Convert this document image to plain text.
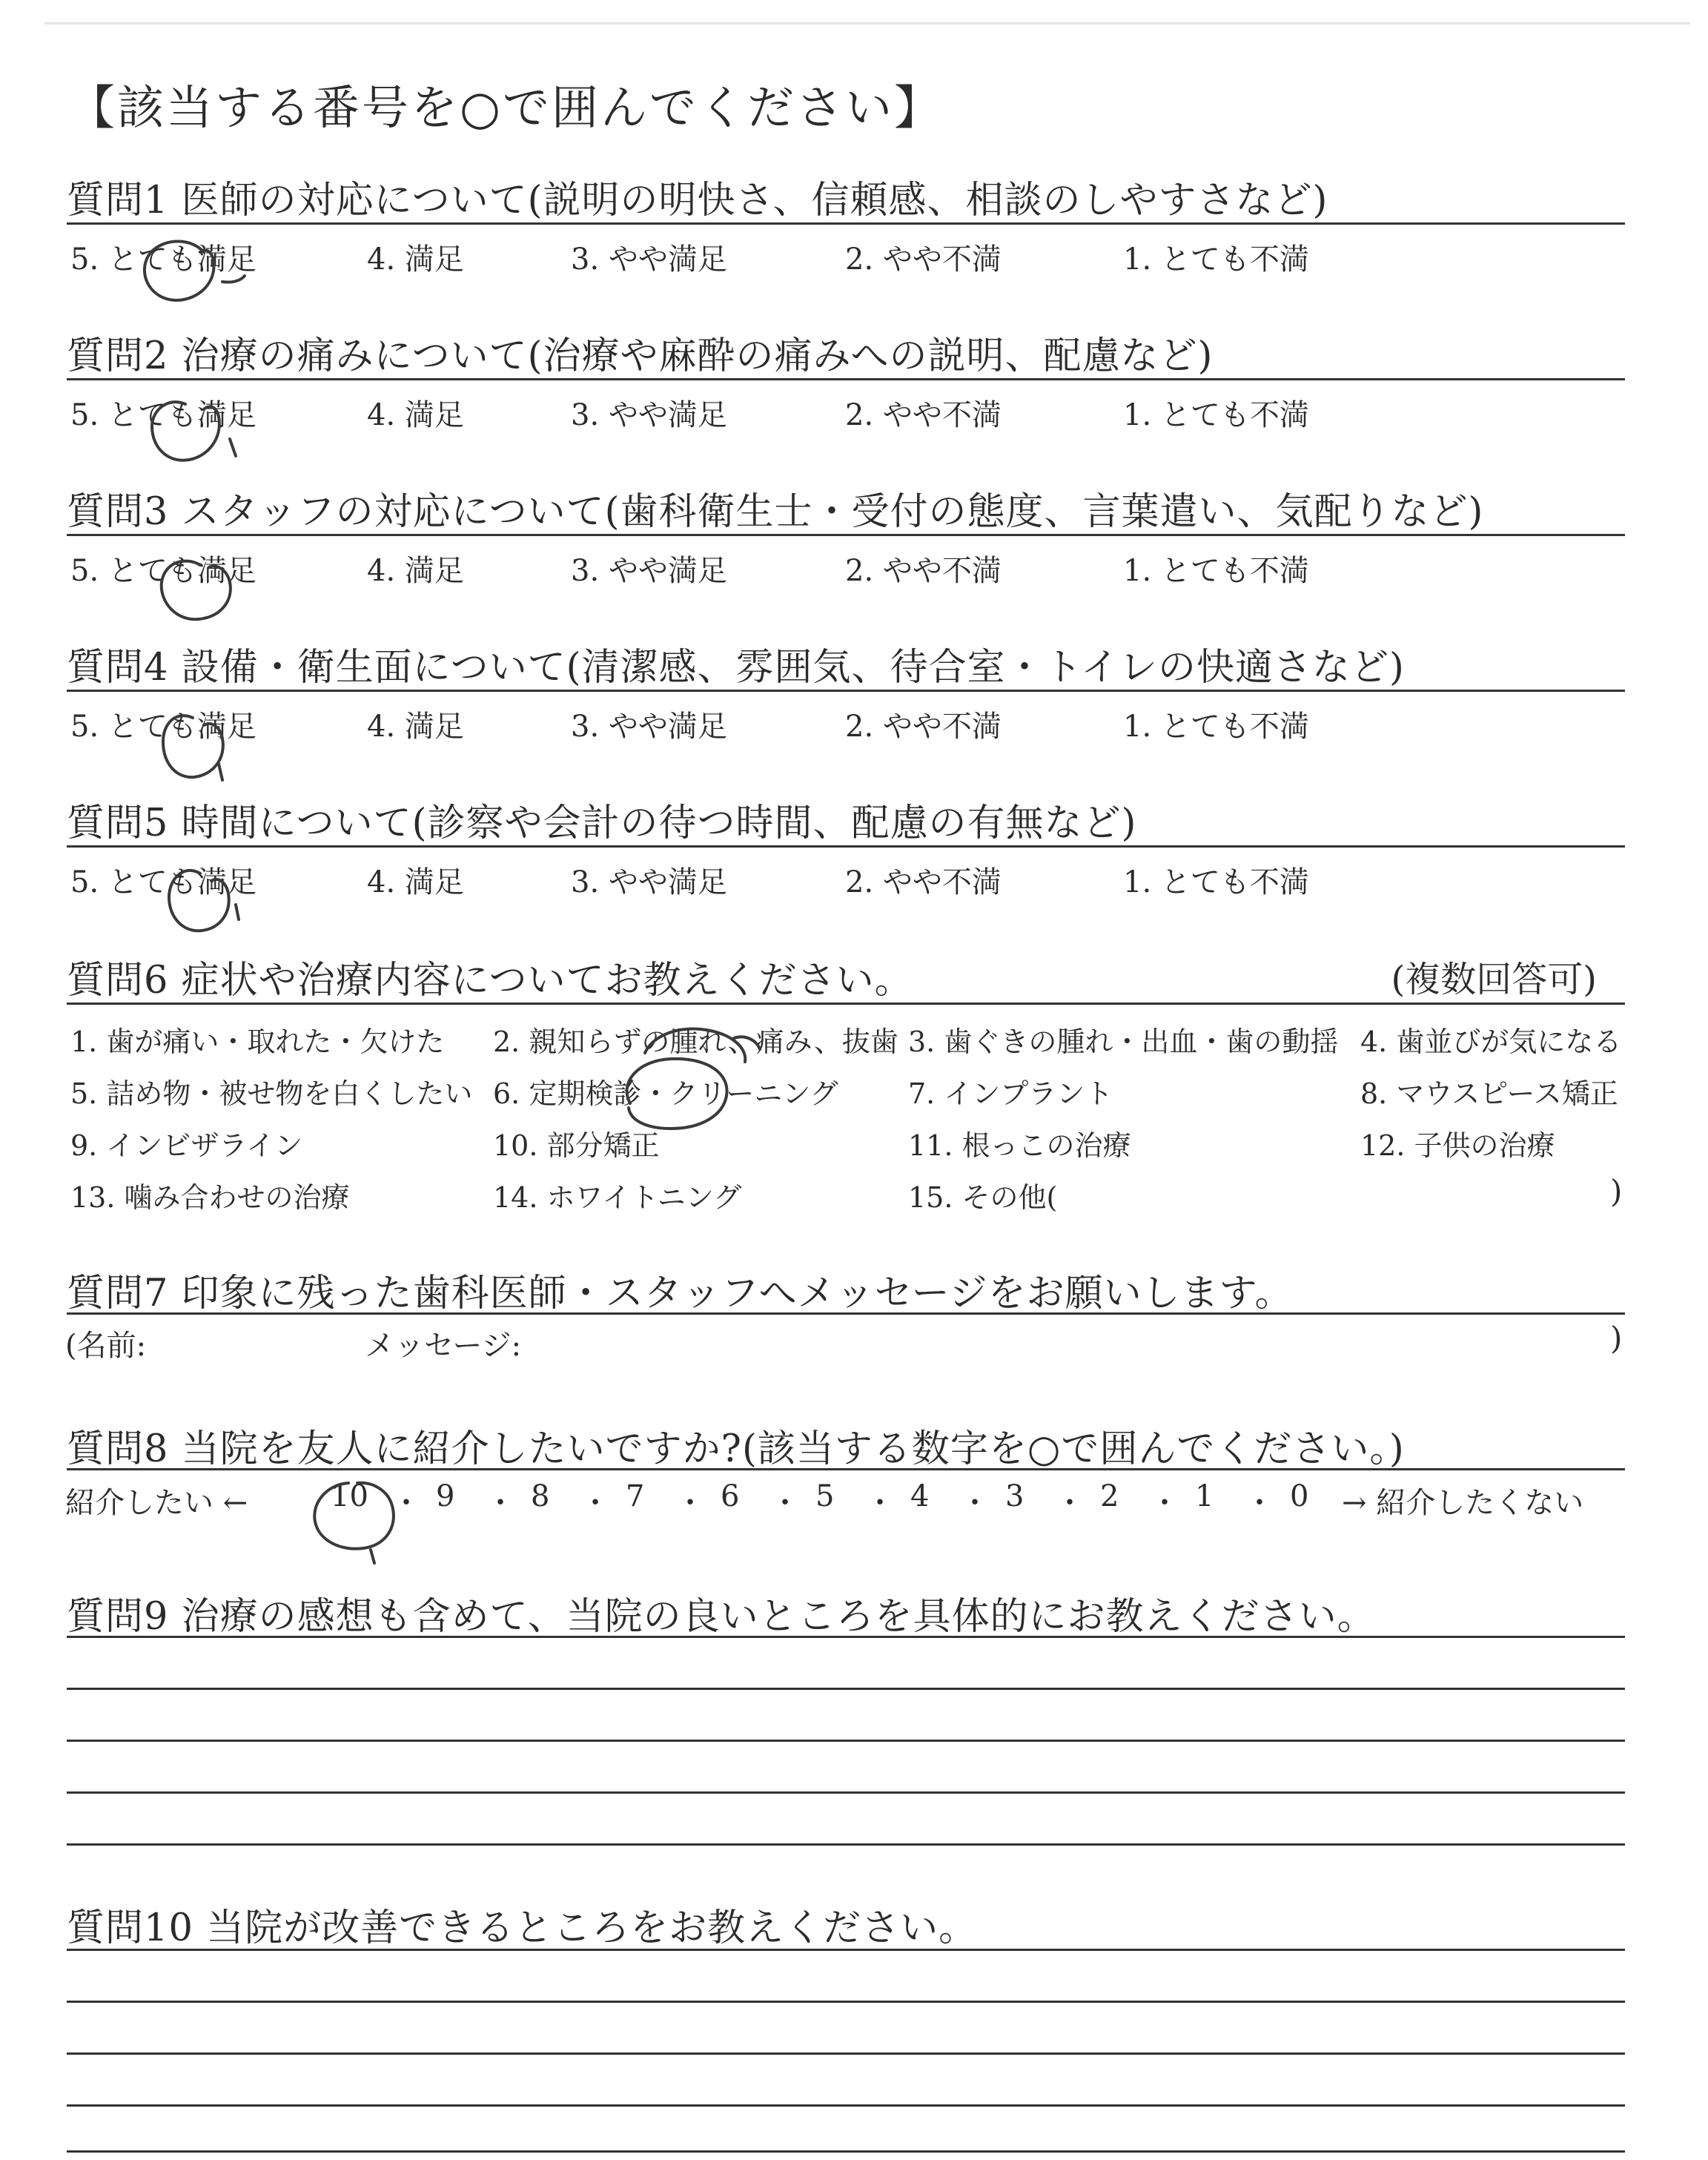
【該当する番号を○で囲んでください】
質問1 医師の対応について(説明の明快さ、信頼感、相談のしやすさなど)
5. とても満足	4. 満足	3. やや満足	2. やや不満	1. とても不満
質問2 治療の痛みについて(治療や麻酔の痛みへの説明、配慮など)
5. とても満足	4. 満足	3. やや満足	2. やや不満	1. とても不満
質問3 スタッフの対応について(歯科衛生士・受付の態度、言葉遣い、気配りなど)
5. とても満足	4. 満足	3. やや満足	2. やや不満	1. とても不満
質問4 設備・衛生面について(清潔感、雰囲気、待合室・トイレの快適さなど)
5. とても満足	4. 満足	3. やや満足	2. やや不満	1. とても不満
質問5 時間について(診察や会計の待つ時間、配慮の有無など)
5. とても満足	4. 満足	3. やや満足	2. やや不満	1. とても不満
質問6 症状や治療内容についてお教えください。	(複数回答可)
1. 歯が痛い・取れた・欠けた 2. 親知らずの腫れ、痛み、抜歯 3. 歯ぐきの腫れ・出血・歯の動揺 4. 歯並びが気になる
5. 詰め物・被せ物を白くしたい 6. 定期検診・クリーニング 7. インプラント	8. マウスピース矯正
9. インビザライン	10. 部分矯正	11. 根っこの治療	12. 子供の治療
13. 噛み合わせの治療	14. ホワイトニング	15. その他(	)
質問7 印象に残った歯科医師・スタッフへメッセージをお願いします。
(名前:	メッセージ:	)
質問8 当院を友人に紹介したいですか?(該当する数字を○で囲んでください。)
紹介したい ←	→ 紹介したくない
10 ・ 9 ・ 8 ・ 7 ・ 6 ・ 5 ・ 4 ・ 3 ・ 2 ・ 1 ・ 0
質問9 治療の感想も含めて、当院の良いところを具体的にお教えください。
質問10 当院が改善できるところをお教えください。
